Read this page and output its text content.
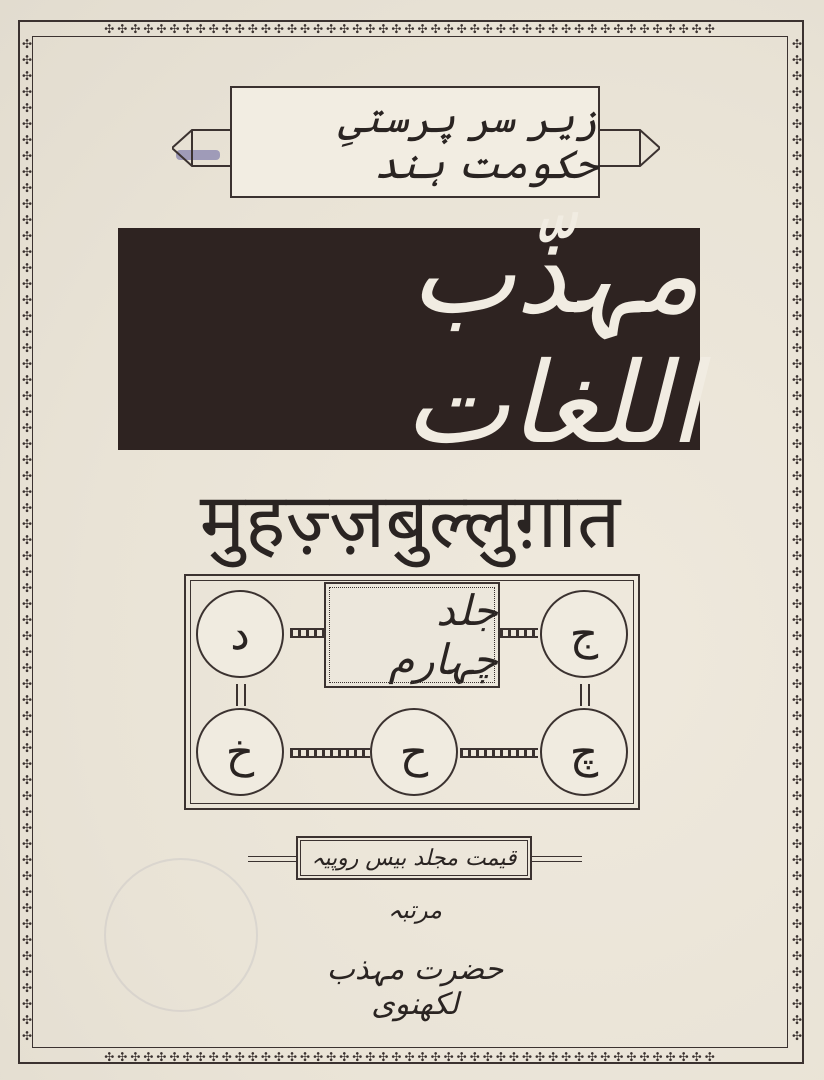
✣✣✣✣✣✣✣✣✣✣✣✣✣✣✣✣✣✣✣✣✣✣✣✣✣✣✣✣✣✣✣✣✣✣✣✣✣✣✣✣✣✣✣✣✣✣✣
✣✣✣✣✣✣✣✣✣✣✣✣✣✣✣✣✣✣✣✣✣✣✣✣✣✣✣✣✣✣✣✣✣✣✣✣✣✣✣✣✣✣✣✣✣✣✣
✣✣✣✣✣✣✣✣✣✣✣✣✣✣✣✣✣✣✣✣✣✣✣✣✣✣✣✣✣✣✣✣✣✣✣✣✣✣✣✣✣✣✣✣✣✣✣✣✣✣✣✣✣✣✣✣✣✣✣✣✣✣✣
✣✣✣✣✣✣✣✣✣✣✣✣✣✣✣✣✣✣✣✣✣✣✣✣✣✣✣✣✣✣✣✣✣✣✣✣✣✣✣✣✣✣✣✣✣✣✣✣✣✣✣✣✣✣✣✣✣✣✣✣✣✣✣
زیر سر پرستیِ حکومت ہند
مہذّب اللغات
मुहज़्ज़बुल्लुग़ात
جلد چہارم	ج
د
چ
ح
خ
قیمت مجلد بیس روپیہ
مرتبہ
حضرت مہذب لکھنوی
